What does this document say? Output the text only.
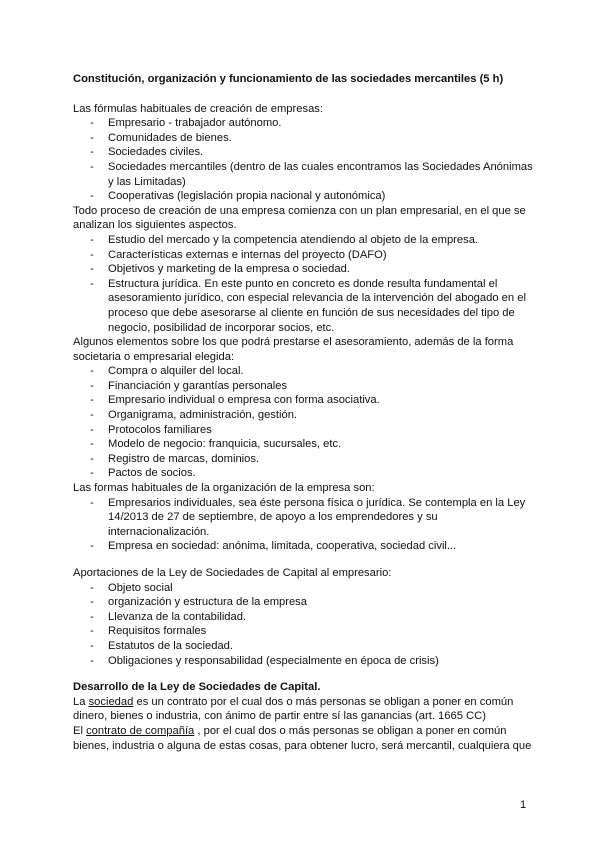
Constitución, organización y funcionamiento de las sociedades mercantiles (5 h)

Las fórmulas habituales de creación de empresas:

- Empresario - trabajador autónomo.
- Comunidades de bienes.
- Sociedades civiles.
- Sociedades mercantiles (dentro de las cuales encontramos las Sociedades Anónimas y las Limitadas)
- Cooperativas (legislación propia nacional y autonómica)

Todo proceso de creación de una empresa comienza con un plan empresarial, en el que se analizan los siguientes aspectos.

- Estudio del mercado y la competencia atendiendo al objeto de la empresa.
- Características externas e internas del proyecto (DAFO)
- Objetivos y marketing de la empresa o sociedad.
- Estructura jurídica. En este punto en concreto es donde resulta fundamental el asesoramiento jurídico, con especial relevancia de la intervención del abogado en el proceso que debe asesorarse al cliente en función de sus necesidades del tipo de negocio, posibilidad de incorporar socios, etc.

Algunos elementos sobre los que podrá prestarse el asesoramiento, además de la forma societaria o empresarial elegida:

- Compra o alquiler del local.
- Financiación y garantías personales
- Empresario individual o empresa con forma asociativa.
- Organigrama, administración, gestión.
- Protocolos familiares
- Modelo de negocio: franquicia, sucursales, etc.
- Registro de marcas, dominios.
- Pactos de socios.

Las formas habituales de la organización de la empresa son:

- Empresarios individuales, sea éste persona física o jurídica. Se contempla en la Ley 14/2013 de 27 de septiembre, de apoyo a los emprendedores y su internacionalización.
- Empresa en sociedad: anónima, limitada, cooperativa, sociedad civil...

Aportaciones de la Ley de Sociedades de Capital al empresario:

- Objeto social
- organización y estructura de la empresa
- Llevanza de la contabilidad.
- Requisitos formales
- Estatutos de la sociedad.
- Obligaciones y responsabilidad (especialmente en época de crisis)

Desarrollo de la Ley de Sociedades de Capital.

La sociedad es un contrato por el cual dos o más personas se obligan a poner en común dinero, bienes o industria, con ánimo de partir entre sí las ganancias (art. 1665 CC)

El contrato de compañía , por el cual dos o más personas se obligan a poner en común bienes, industria o alguna de estas cosas, para obtener lucro, será mercantil, cualquiera que

1
